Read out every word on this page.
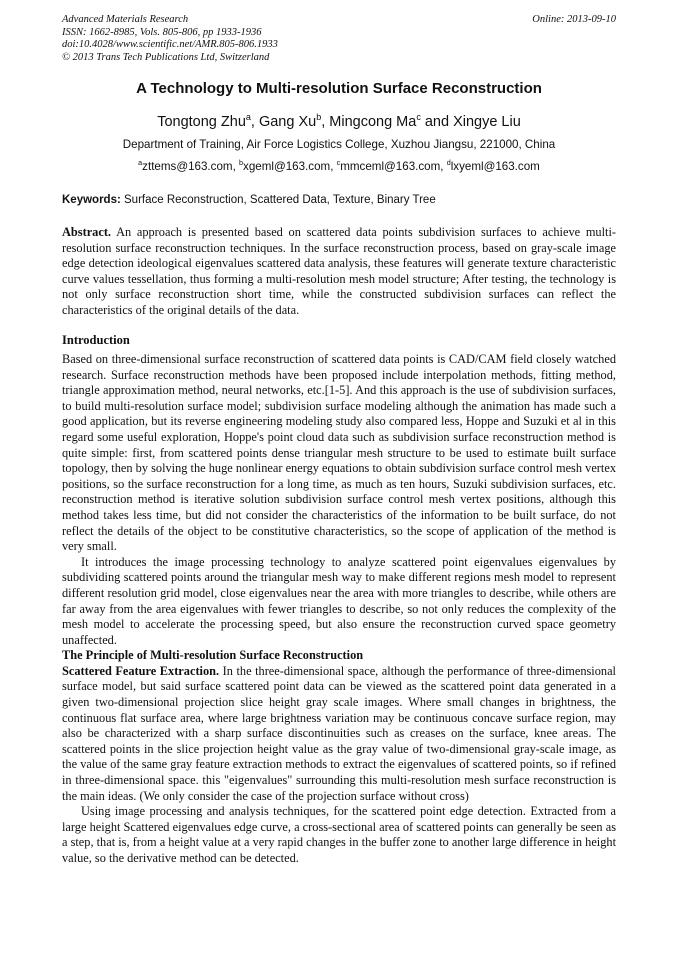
Advanced Materials Research
ISSN: 1662-8985, Vols. 805-806, pp 1933-1936
doi:10.4028/www.scientific.net/AMR.805-806.1933
© 2013 Trans Tech Publications Ltd, Switzerland
Online: 2013-09-10
A Technology to Multi-resolution Surface Reconstruction
Tongtong Zhu$^a$, Gang Xu$^b$, Mingcong Ma$^c$ and Xingye Liu
Department of Training, Air Force Logistics College, Xuzhou Jiangsu, 221000, China
$^a$zttems@163.com, $^b$xgeml@163.com, $^c$mmceml@163.com, $^d$lxyeml@163.com
Keywords: Surface Reconstruction, Scattered Data, Texture, Binary Tree

Abstract. An approach is presented based on scattered data points subdivision surfaces to achieve multi-resolution surface reconstruction techniques. In the surface reconstruction process, based on gray-scale image edge detection ideological eigenvalues scattered data analysis, these features will generate texture characteristic curve values tessellation, thus forming a multi-resolution mesh model structure; After testing, the technology is not only surface reconstruction short time, while the constructed subdivision surfaces can reflect the characteristics of the original details of the data.

Introduction

Based on three-dimensional surface reconstruction of scattered data points is CAD/CAM field closely watched research. Surface reconstruction methods have been proposed include interpolation methods, fitting method, triangle approximation method, neural networks, etc.[1-5]. And this approach is the use of subdivision surfaces, to build multi-resolution surface model; subdivision surface modeling although the animation has made such a good application, but its reverse engineering modeling study also compared less, Hoppe and Suzuki et al in this regard some useful exploration, Hoppe's point cloud data such as subdivision surface reconstruction method is quite simple: first, from scattered points dense triangular mesh structure to be used to estimate built surface topology, then by solving the huge nonlinear energy equations to obtain subdivision surface control mesh vertex positions, so the surface reconstruction for a long time, as much as ten hours, Suzuki subdivision surfaces, etc. reconstruction method is iterative solution subdivision surface control mesh vertex positions, although this method takes less time, but did not consider the characteristics of the information to be built surface, do not reflect the details of the object to be constitutive characteristics, so the scope of application of the method is very small.

It introduces the image processing technology to analyze scattered point eigenvalues eigenvalues by subdividing scattered points around the triangular mesh way to make different regions mesh model to represent different resolution grid model, close eigenvalues near the area with more triangles to describe, while others are far away from the area eigenvalues with fewer triangles to describe, so not only reduces the complexity of the mesh model to accelerate the processing speed, but also ensure the reconstruction curved space geometry unaffected.

The Principle of Multi-resolution Surface Reconstruction

Scattered Feature Extraction. In the three-dimensional space, although the performance of three-dimensional surface model, but said surface scattered point data can be viewed as the scattered point data generated in a given two-dimensional projection slice height gray scale images. Where small changes in brightness, the continuous flat surface area, where large brightness variation may be continuous concave surface region, may also be characterized with a sharp surface discontinuities such as creases on the surface, knee areas. The scattered points in the slice projection height value as the gray value of two-dimensional gray-scale image, as the value of the same gray feature extraction methods to extract the eigenvalues of scattered points, so if refined in three-dimensional space. this "eigenvalues" surrounding this multi-resolution mesh surface reconstruction is the main ideas. (We only consider the case of the projection surface without cross)

Using image processing and analysis techniques, for the scattered point edge detection. Extracted from a large height Scattered eigenvalues edge curve, a cross-sectional area of scattered points can generally be seen as a step, that is, from a height value at a very rapid changes in the buffer zone to another large difference in height value, so the derivative method can be detected.
